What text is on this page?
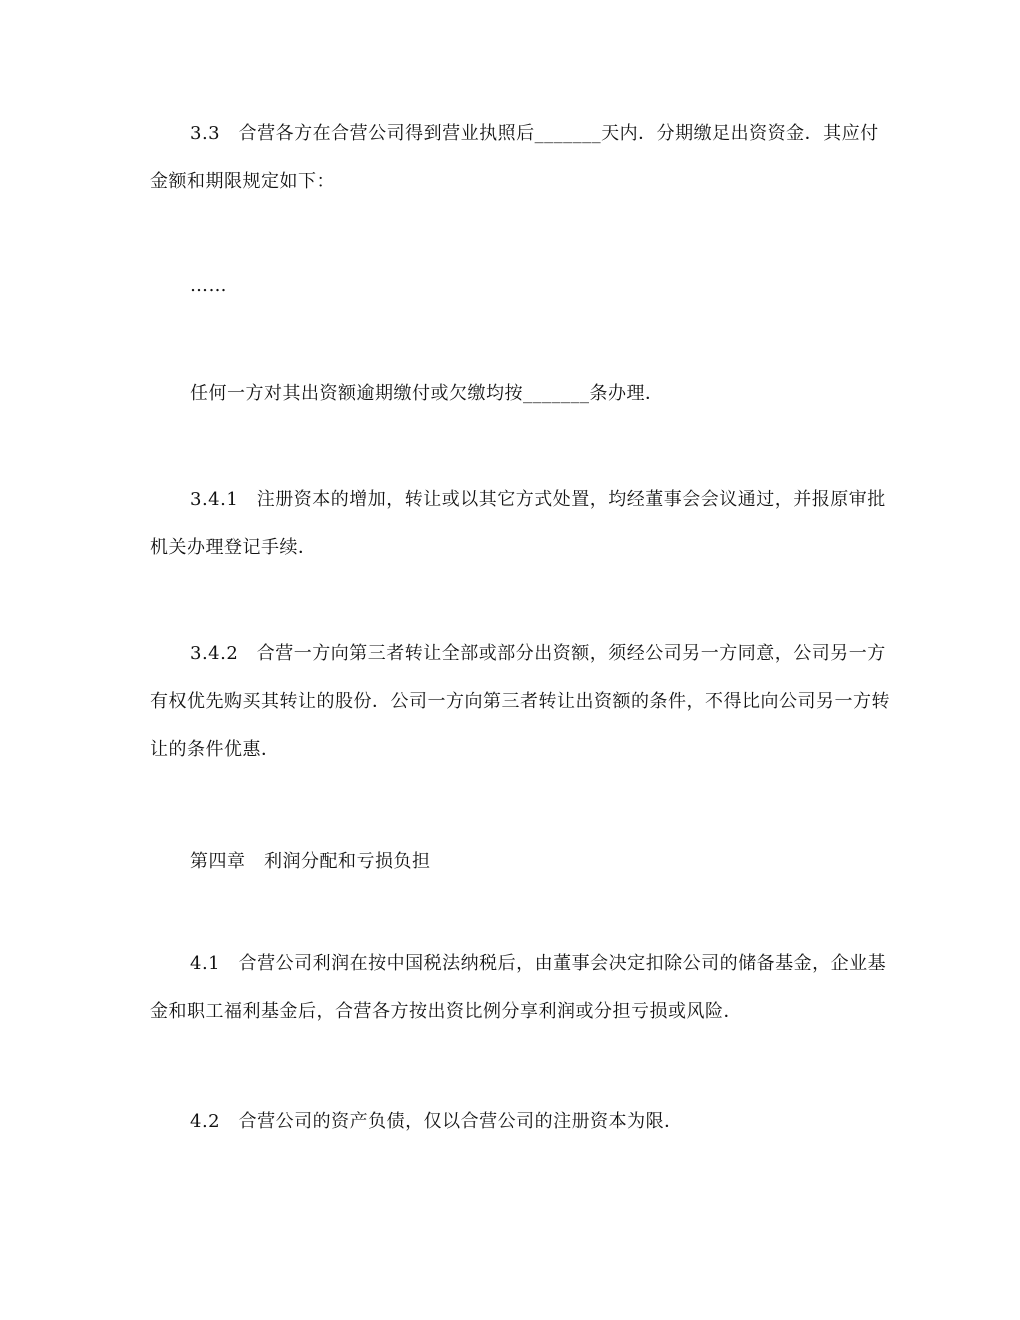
3.3　合营各方在合营公司得到营业执照后_______天内．分期缴足出资资金．其应付金额和期限规定如下：

……

任何一方对其出资额逾期缴付或欠缴均按_______条办理．

3.4.1　注册资本的增加，转让或以其它方式处置，均经董事会会议通过，并报原审批机关办理登记手续．

3.4.2　合营一方向第三者转让全部或部分出资额，须经公司另一方同意，公司另一方有权优先购买其转让的股份．公司一方向第三者转让出资额的条件，不得比向公司另一方转让的条件优惠．

第四章　利润分配和亏损负担

4.1　合营公司利润在按中国税法纳税后，由董事会决定扣除公司的储备基金，企业基金和职工福利基金后，合营各方按出资比例分享利润或分担亏损或风险．

4.2　合营公司的资产负债，仅以合营公司的注册资本为限．
